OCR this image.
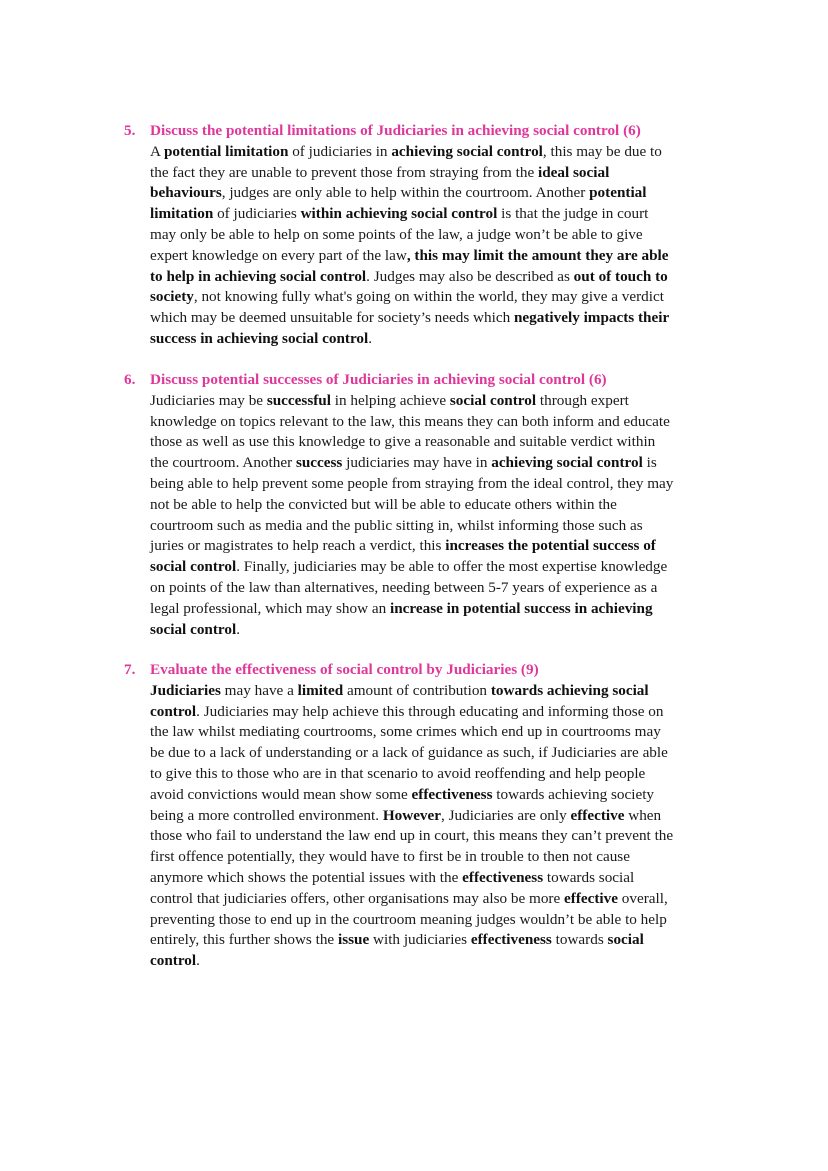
5. Discuss the potential limitations of Judiciaries in achieving social control (6)
A potential limitation of judiciaries in achieving social control, this may be due to
the fact they are unable to prevent those from straying from the ideal social
behaviours, judges are only able to help within the courtroom. Another potential
limitation of judiciaries within achieving social control is that the judge in court
may only be able to help on some points of the law, a judge won’t be able to give
expert knowledge on every part of the law, this may limit the amount they are able
to help in achieving social control. Judges may also be described as out of touch to
society, not knowing fully what's going on within the world, they may give a verdict
which may be deemed unsuitable for society’s needs which negatively impacts their
success in achieving social control.
6. Discuss potential successes of Judiciaries in achieving social control (6)
Judiciaries may be successful in helping achieve social control through expert
knowledge on topics relevant to the law, this means they can both inform and educate
those as well as use this knowledge to give a reasonable and suitable verdict within
the courtroom. Another success judiciaries may have in achieving social control is
being able to help prevent some people from straying from the ideal control, they may
not be able to help the convicted but will be able to educate others within the
courtroom such as media and the public sitting in, whilst informing those such as
juries or magistrates to help reach a verdict, this increases the potential success of
social control. Finally, judiciaries may be able to offer the most expertise knowledge
on points of the law than alternatives, needing between 5-7 years of experience as a
legal professional, which may show an increase in potential success in achieving
social control.
7. Evaluate the effectiveness of social control by Judiciaries (9)
Judiciaries may have a limited amount of contribution towards achieving social
control. Judiciaries may help achieve this through educating and informing those on
the law whilst mediating courtrooms, some crimes which end up in courtrooms may
be due to a lack of understanding or a lack of guidance as such, if Judiciaries are able
to give this to those who are in that scenario to avoid reoffending and help people
avoid convictions would mean show some effectiveness towards achieving society
being a more controlled environment. However, Judiciaries are only effective when
those who fail to understand the law end up in court, this means they can’t prevent the
first offence potentially, they would have to first be in trouble to then not cause
anymore which shows the potential issues with the effectiveness towards social
control that judiciaries offers, other organisations may also be more effective overall,
preventing those to end up in the courtroom meaning judges wouldn’t be able to help
entirely, this further shows the issue with judiciaries effectiveness towards social
control.
